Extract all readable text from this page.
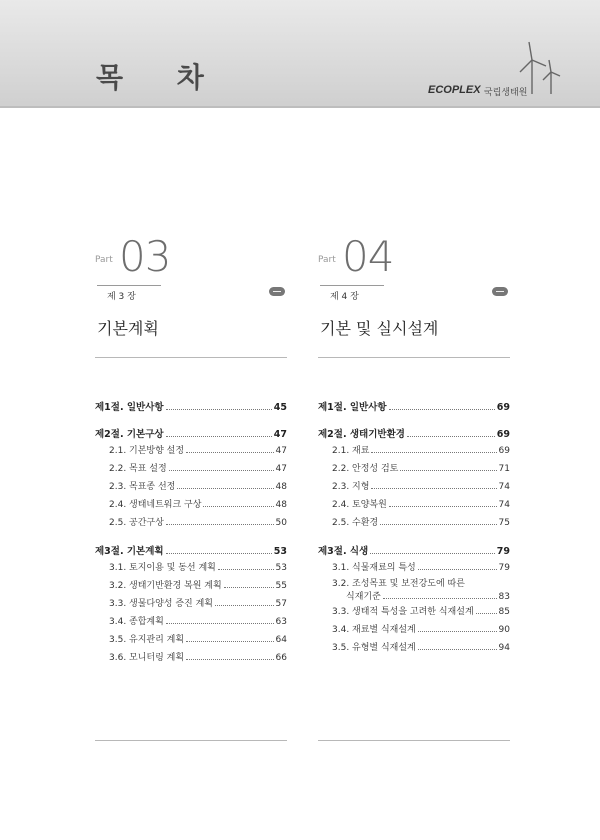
목 차	ECOPLEX 국립생태원
Part 03
제 3 장
기본계획
제1절. 일반사항	45
제2절. 기본구상	47
2.1. 기본방향 설정	47
2.2. 목표 설정	47
2.3. 목표종 선정	48
2.4. 생태네트워크 구상	48
2.5. 공간구상	50
제3절. 기본계획	53
3.1. 토지이용 및 동선 계획	53
3.2. 생태기반환경 복원 계획	55
3.3. 생물다양성 증진 계획	57
3.4. 종합계획	63
3.5. 유지관리 계획	64
3.6. 모니터링 계획	66
Part 04
제 4 장
기본 및 실시설계
제1절. 일반사항	69
제2절. 생태기반환경	69
2.1. 재료	69
2.2. 안정성 검토	71
2.3. 지형	74
2.4. 토양복원	74
2.5. 수환경	75
제3절. 식생	79
3.1. 식물재료의 특성	79
3.2. 조성목표 및 보전강도에 따른
식재기준	83
3.3. 생태적 특성을 고려한 식재설계	85
3.4. 재료별 식재설계	90
3.5. 유형별 식재설계	94
